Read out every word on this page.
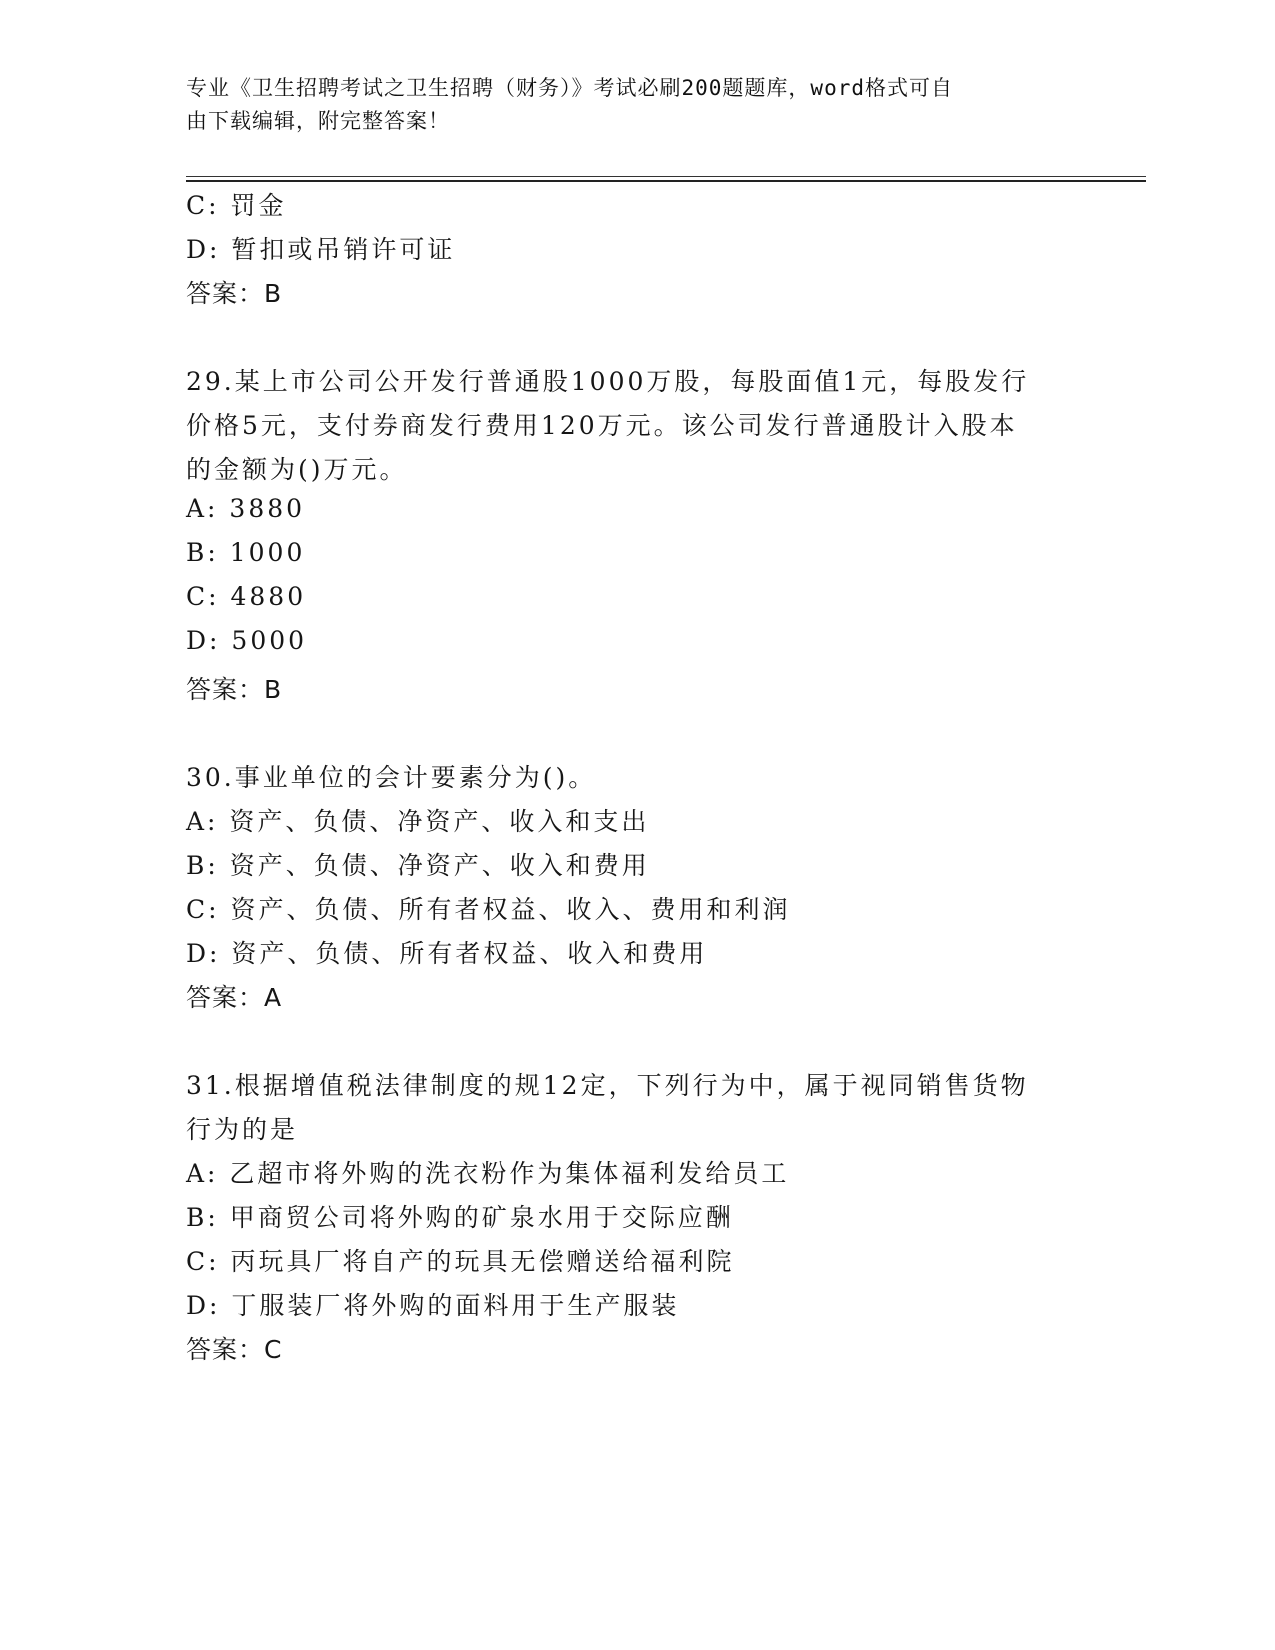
专业《卫生招聘考试之卫生招聘（财务）》考试必刷200题题库，word格式可自
由下载编辑，附完整答案！
C: 罚金
D: 暂扣或吊销许可证
答案：B
29.某上市公司公开发行普通股1000万股，每股面值1元，每股发行
价格5元，支付券商发行费用120万元。该公司发行普通股计入股本
的金额为()万元。
A: 3880
B: 1000
C: 4880
D: 5000
答案：B
30.事业单位的会计要素分为()。
A: 资产、负债、净资产、收入和支出
B: 资产、负债、净资产、收入和费用
C: 资产、负债、所有者权益、收入、费用和利润
D: 资产、负债、所有者权益、收入和费用
答案：A
31.根据增值税法律制度的规12定，下列行为中，属于视同销售货物
行为的是
A: 乙超市将外购的洗衣粉作为集体福利发给员工
B: 甲商贸公司将外购的矿泉水用于交际应酬
C: 丙玩具厂将自产的玩具无偿赠送给福利院
D: 丁服装厂将外购的面料用于生产服装
答案：C
